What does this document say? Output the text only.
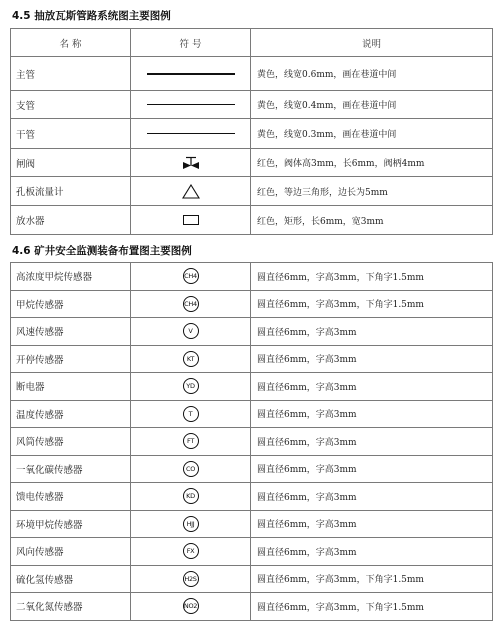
4.5 抽放瓦斯管路系统图主要图例
名 称	符 号	说明
主管		黄色，线宽0.6mm，画在巷道中间
支管		黄色，线宽0.4mm，画在巷道中间
干管		黄色，线宽0.3mm，画在巷道中间
闸阀		红色，阀体高3mm，长6mm，阀柄4mm
孔板流量计		红色，等边三角形，边长为5mm
放水器		红色，矩形，长6mm，宽3mm
4.6 矿井安全监测装备布置图主要图例
高浓度甲烷传感器	CH4	圆直径6mm，字高3mm，下角字1.5mm
甲烷传感器	CH4	圆直径6mm，字高3mm，下角字1.5mm
风速传感器	V	圆直径6mm，字高3mm
开停传感器	KT	圆直径6mm，字高3mm
断电器	YD	圆直径6mm，字高3mm
温度传感器	T	圆直径6mm，字高3mm
风筒传感器	FT	圆直径6mm，字高3mm
一氧化碳传感器	CO	圆直径6mm，字高3mm
馈电传感器	KD	圆直径6mm，字高3mm
环境甲烷传感器	HJJ	圆直径6mm，字高3mm
风向传感器	FX	圆直径6mm，字高3mm
硫化氢传感器	H2S	圆直径6mm，字高3mm，下角字1.5mm
二氧化氮传感器	NO2	圆直径6mm，字高3mm，下角字1.5mm
